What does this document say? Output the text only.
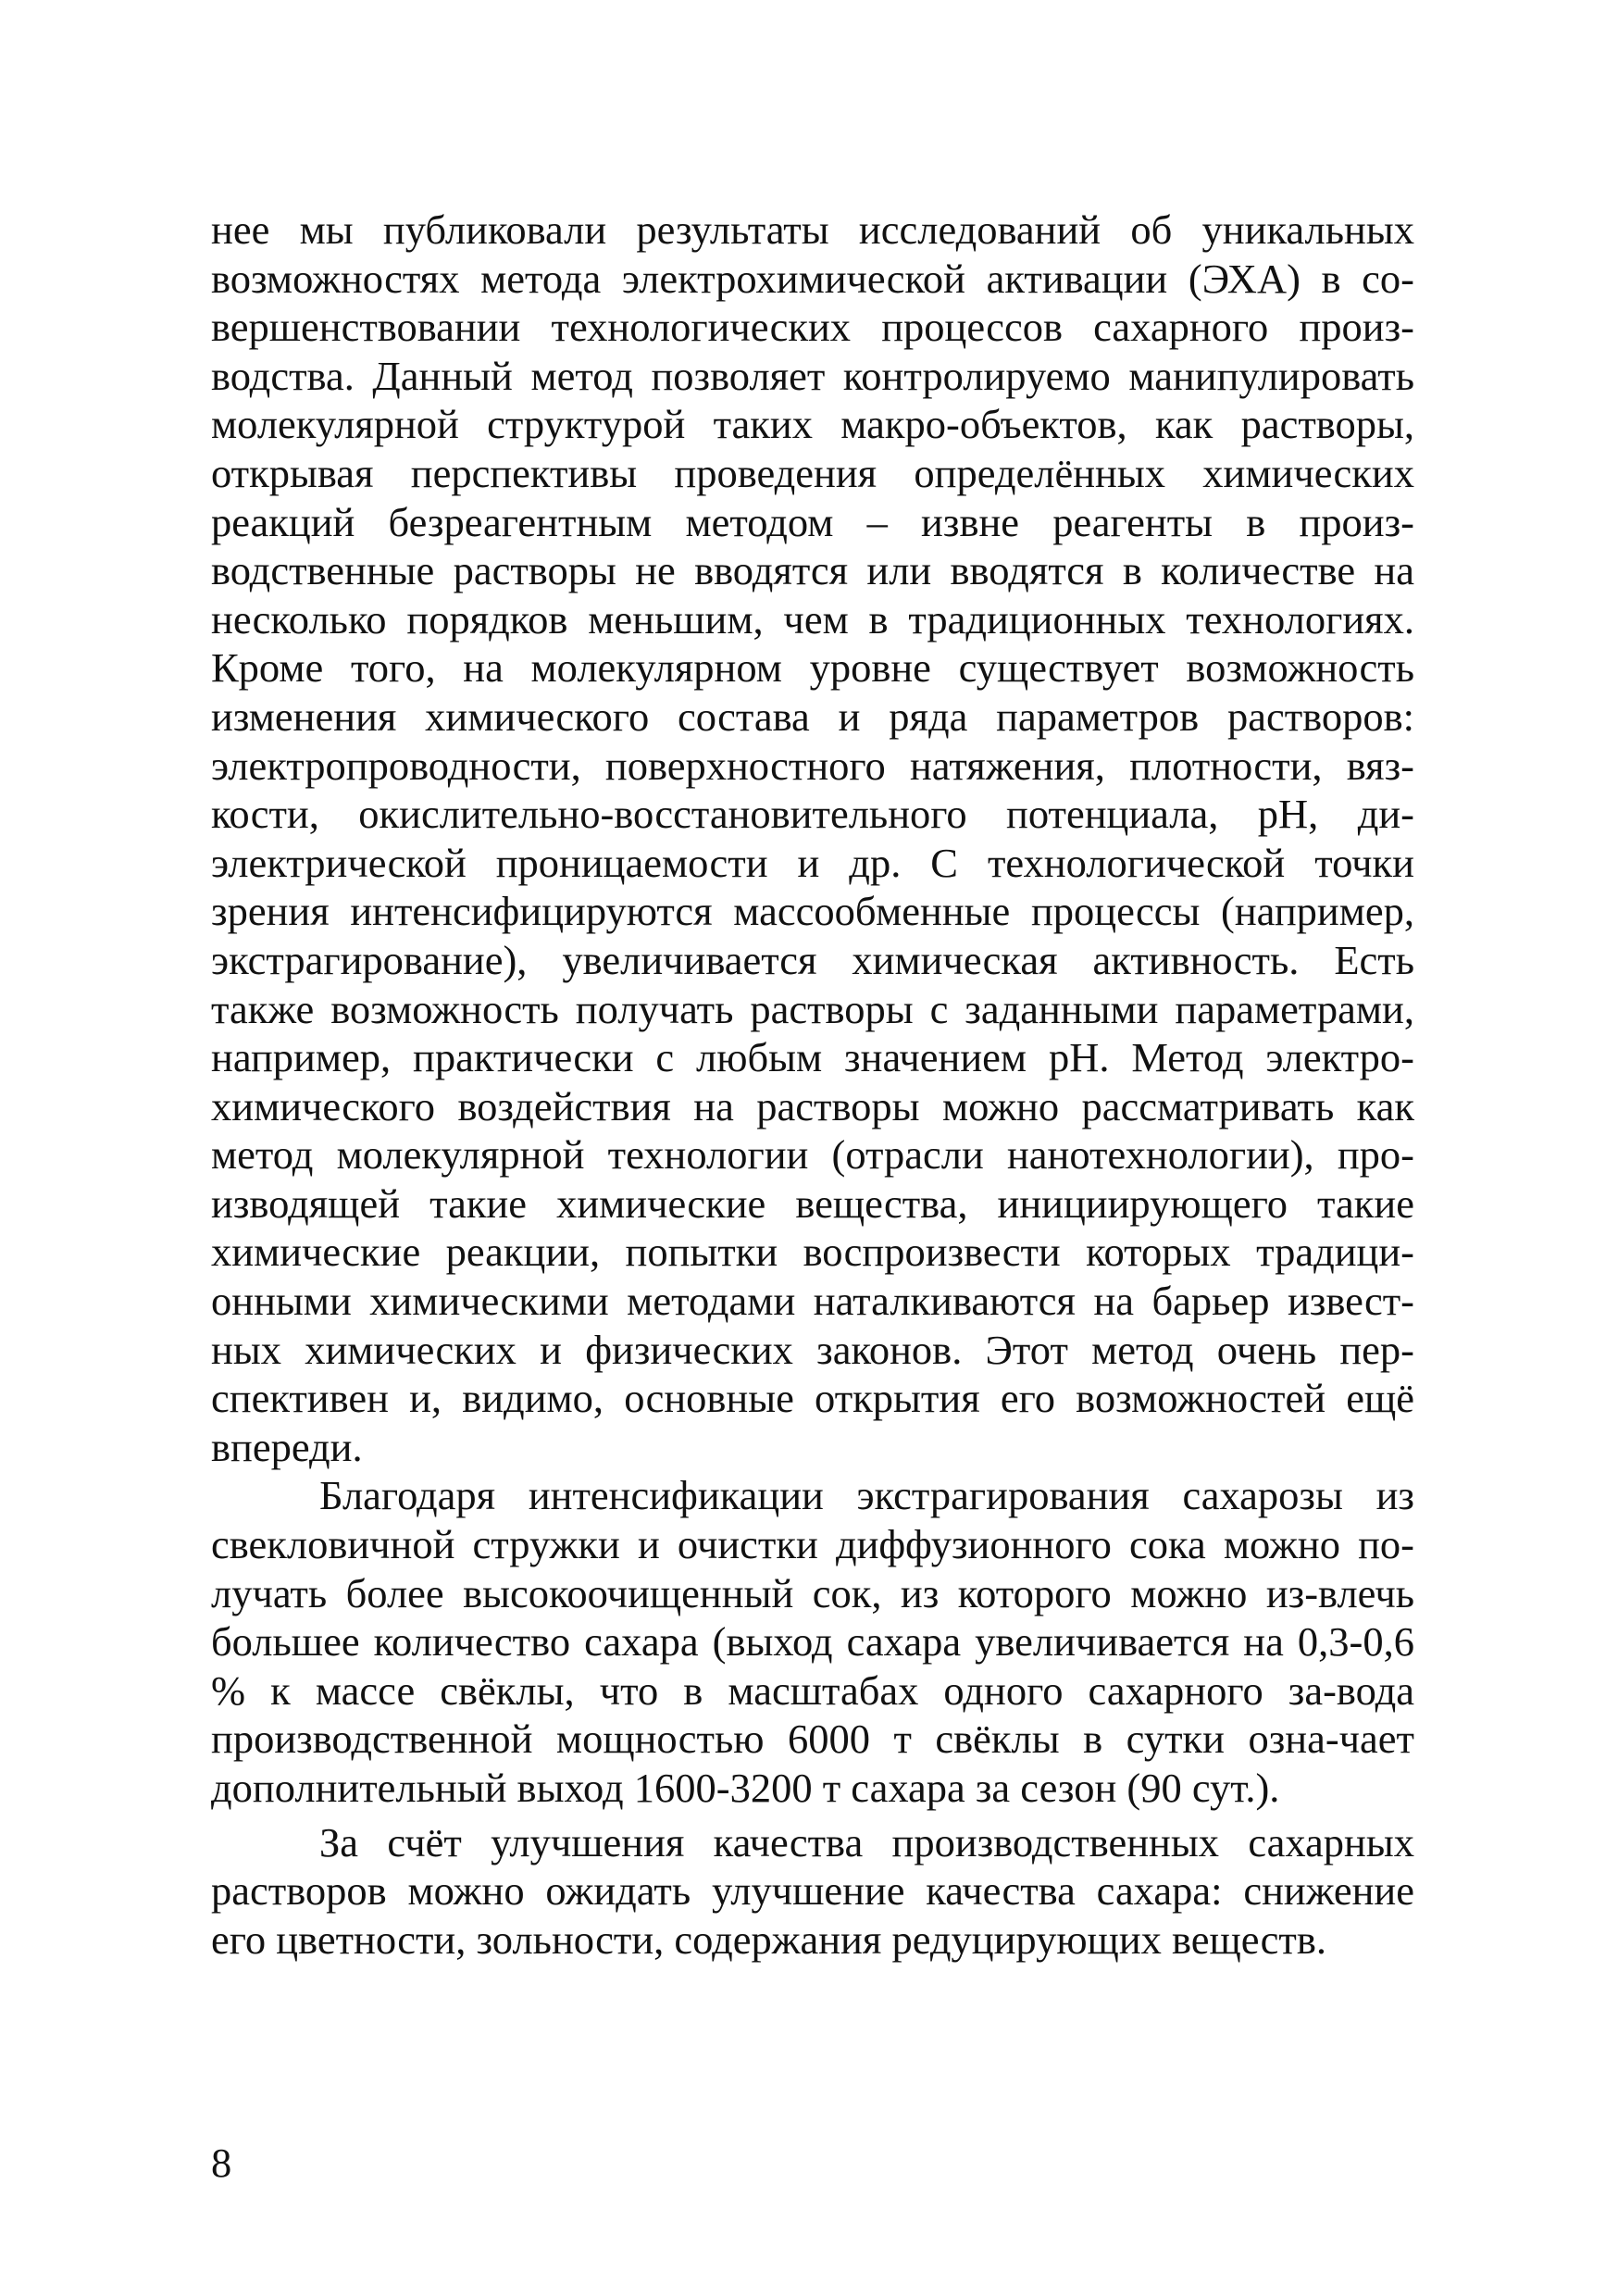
нее мы публиковали результаты исследований об уникальных возможностях метода электрохимической активации (ЭХА) в совершенствовании технологических процессов сахарного производства. Данный метод позволяет контролируемо манипулировать молекулярной структурой таких макро-объектов, как растворы, открывая перспективы проведения определённых химических реакций безреагентным методом – извне реагенты в производственные растворы не вводятся или вводятся в количестве на несколько порядков меньшим, чем в традиционных технологиях. Кроме того, на молекулярном уровне существует возможность изменения химического состава и ряда параметров растворов: электропроводности, поверхностного натяжения, плотности, вязкости, окислительно-восстановительного потенциала, pH, диэлектрической проницаемости и др. С технологической точки зрения интенсифицируются массообменные процессы (например, экстрагирование), увеличивается химическая активность. Есть также возможность получать растворы с заданными параметрами, например, практически с любым значением pH. Метод электрохимического воздействия на растворы можно рассматривать как метод молекулярной технологии (отрасли нанотехнологии), производящей такие химические вещества, инициирующего такие химические реакции, попытки воспроизвести которых традиционными химическими методами наталкиваются на барьер известных химических и физических законов. Этот метод очень перспективен и, видимо, основные открытия его возможностей ещё впереди.

Благодаря интенсификации экстрагирования сахарозы из свекловичной стружки и очистки диффузионного сока можно получать более высокоочищенный сок, из которого можно из-влечь большее количество сахара (выход сахара увеличивается на 0,3-0,6 % к массе свёклы, что в масштабах одного сахарного за-вода производственной мощностью 6000 т свёклы в сутки озна-чает дополнительный выход 1600-3200 т сахара за сезон (90 сут.).

За счёт улучшения качества производственных сахарных растворов можно ожидать улучшение качества сахара: снижение его цветности, зольности, содержания редуцирующих веществ.

8
